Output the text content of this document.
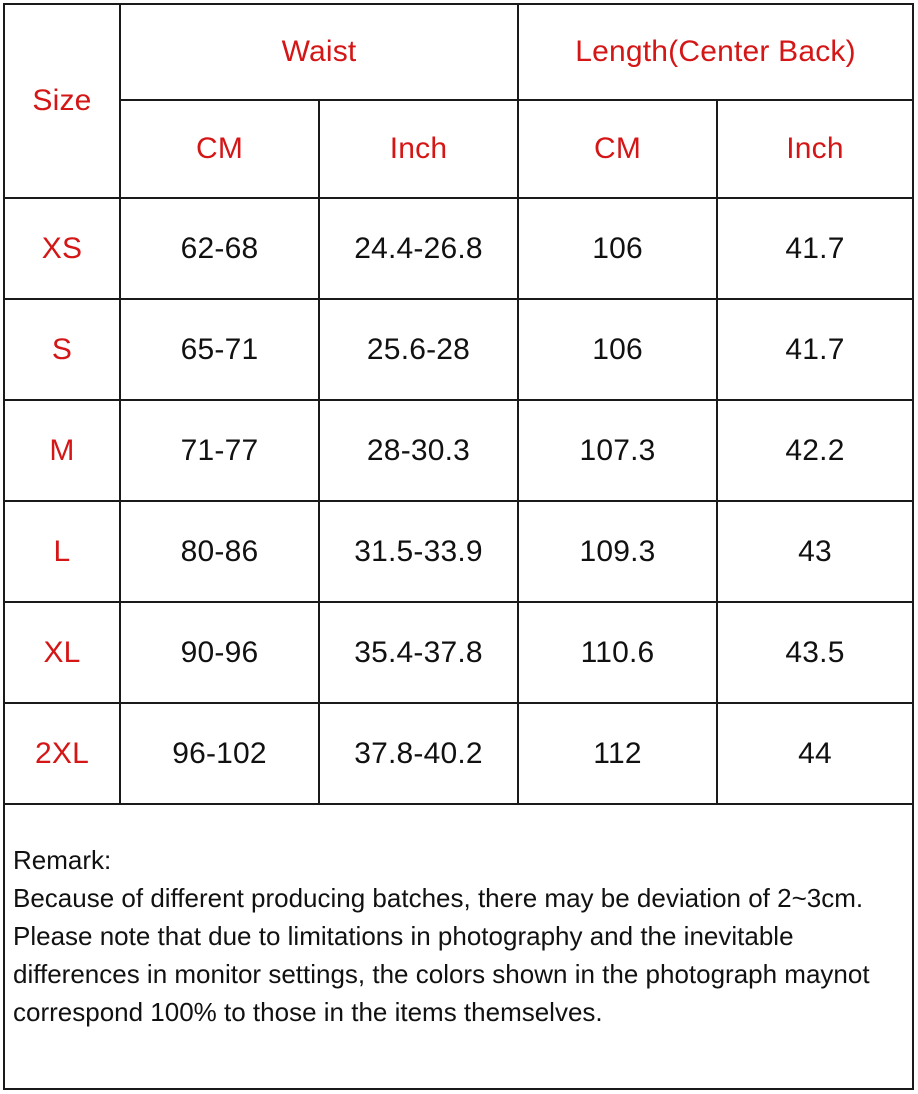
Size	Waist		Length(Center Back)	
	CM	Inch	CM	Inch
XS	62-68	24.4-26.8	106	41.7
S	65-71	25.6-28	106	41.7
M	71-77	28-30.3	107.3	42.2
L	80-86	31.5-33.9	109.3	43
XL	90-96	35.4-37.8	110.6	43.5
2XL	96-102	37.8-40.2	112	44

Remark:

Because of different producing batches, there may be deviation of 2~3cm.

Please note that due to limitations in photography and the inevitable differences in monitor settings, the colors shown in the photograph maynot correspond 100% to those in the items themselves.
